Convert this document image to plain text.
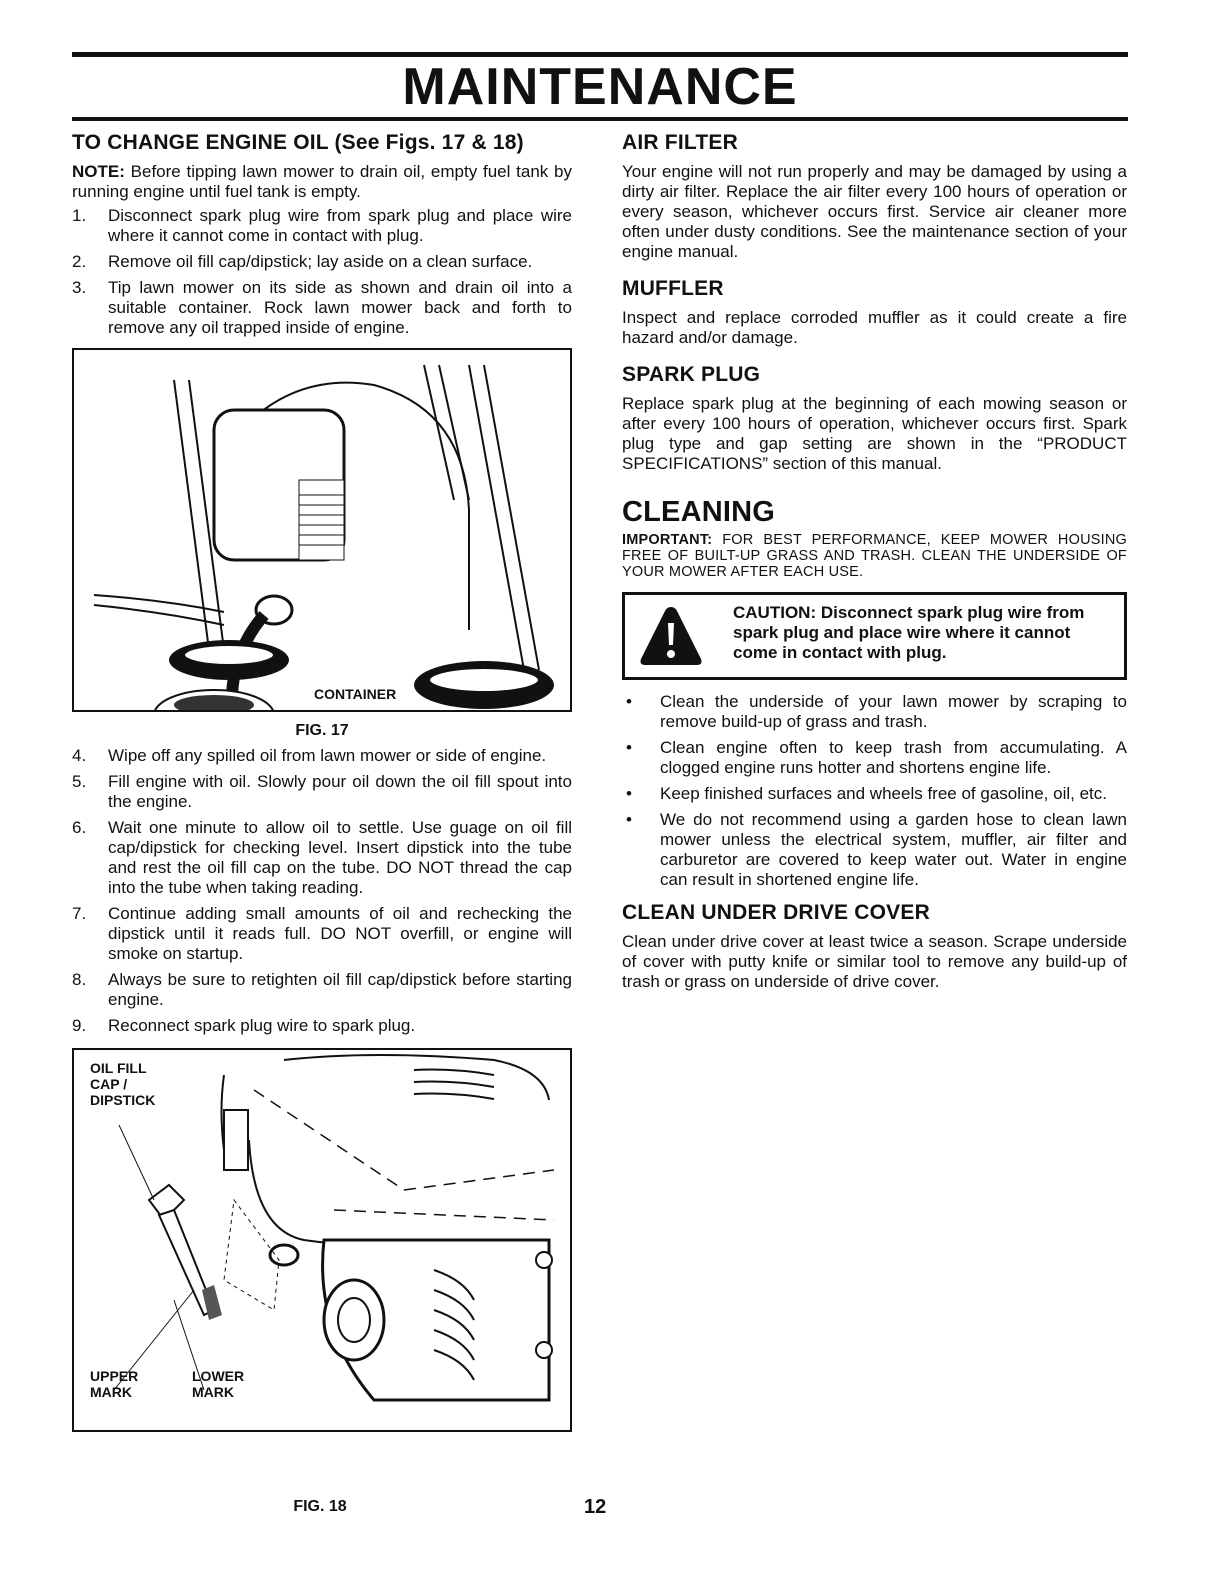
MAINTENANCE
TO CHANGE ENGINE OIL (See Figs. 17 & 18)

NOTE: Before tipping lawn mower to drain oil, empty fuel tank by running engine until fuel tank is empty.

1. Disconnect spark plug wire from spark plug and place wire where it cannot come in contact with plug.
2. Remove oil fill cap/dipstick; lay aside on a clean surface.
3. Tip lawn mower on its side as shown and drain oil into a suitable container. Rock lawn mower back and forth to remove any oil trapped inside of engine.
CONTAINER
FIG. 17
4. Wipe off any spilled oil from lawn mower or side of engine.
5. Fill engine with oil. Slowly pour oil down the oil fill spout into the engine.
6. Wait one minute to allow oil to settle. Use guage on oil fill cap/dipstick for checking level. Insert dipstick into the tube and rest the oil fill cap on the tube. DO NOT thread the cap into the tube when taking reading.
7. Continue adding small amounts of oil and rechecking the dipstick until it reads full. DO NOT overfill, or engine will smoke on startup.
8. Always be sure to retighten oil fill cap/dipstick before starting engine.
9. Reconnect spark plug wire to spark plug.
OIL FILL
CAP /
DIPSTICK
UPPER
MARK
LOWER
MARK
FIG. 18
AIR FILTER

Your engine will not run properly and may be damaged by using a dirty air filter. Replace the air filter every 100 hours of operation or every season, whichever occurs first. Service air cleaner more often under dusty conditions. See the maintenance section of your engine manual.

MUFFLER

Inspect and replace corroded muffler as it could create a fire hazard and/or damage.

SPARK PLUG

Replace spark plug at the beginning of each mowing season or after every 100 hours of operation, whichever occurs first. Spark plug type and gap setting are shown in the “PRODUCT SPECIFICATIONS” section of this manual.

CLEANING

IMPORTANT: FOR BEST PERFORMANCE, KEEP MOWER HOUSING FREE OF BUILT-UP GRASS AND TRASH. CLEAN THE UNDERSIDE OF YOUR MOWER AFTER EACH USE.

CAUTION: Disconnect spark plug wire from spark plug and place wire where it cannot come in contact with plug.
• Clean the underside of your lawn mower by scraping to remove build-up of grass and trash.
• Clean engine often to keep trash from accumulating. A clogged engine runs hotter and shortens engine life.
• Keep finished surfaces and wheels free of gasoline, oil, etc.
• We do not recommend using a garden hose to clean lawn mower unless the electrical system, muffler, air filter and carburetor are covered to keep water out. Water in engine can result in shortened engine life.
CLEAN UNDER DRIVE COVER

Clean under drive cover at least twice a season. Scrape underside of cover with putty knife or similar tool to remove any build-up of trash or grass on underside of drive cover.

12
